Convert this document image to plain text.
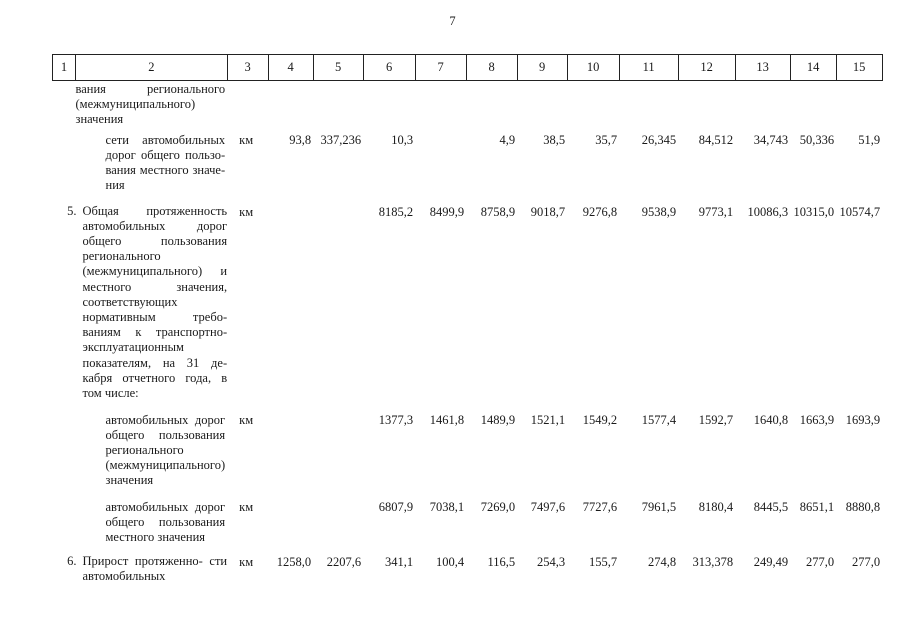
7
1	2	3	4	5	6	7	8	9	10	11	12	13	14	15
	вания регионального (межмуниципального) значения													
	сети автомобильных дорог общего пользо- вания местного значе- ния	км	93,8	337,236	10,3		4,9	38,5	35,7	26,345	84,512	34,743	50,336	51,9

5. Общая протяженность автомобильных дорог общего пользования регионального (межмуниципального) и местного значения, соответствующих нормативным требо- ваниям к транспортно- эксплуатационным показателям, на 31 де- кабря отчетного года, в том числе:		км			8185,2	8499,9	8758,9	9018,7	9276,8	9538,9	9773,1	10086,3	10315,0	10574,7
	автомобильных дорог общего пользования регионального (межмуниципального) значения	км			1377,3	1461,8	1489,9	1521,1	1549,2	1577,4	1592,7	1640,8	1663,9	1693,9
	автомобильных дорог общего пользования местного значения	км			6807,9	7038,1	7269,0	7497,6	7727,6	7961,5	8180,4	8445,5	8651,1	8880,8

6. Прирост протяженно- сти автомобильных		км	1258,0	2207,6	341,1	100,4	116,5	254,3	155,7	274,8	313,378	249,49	277,0	277,0
